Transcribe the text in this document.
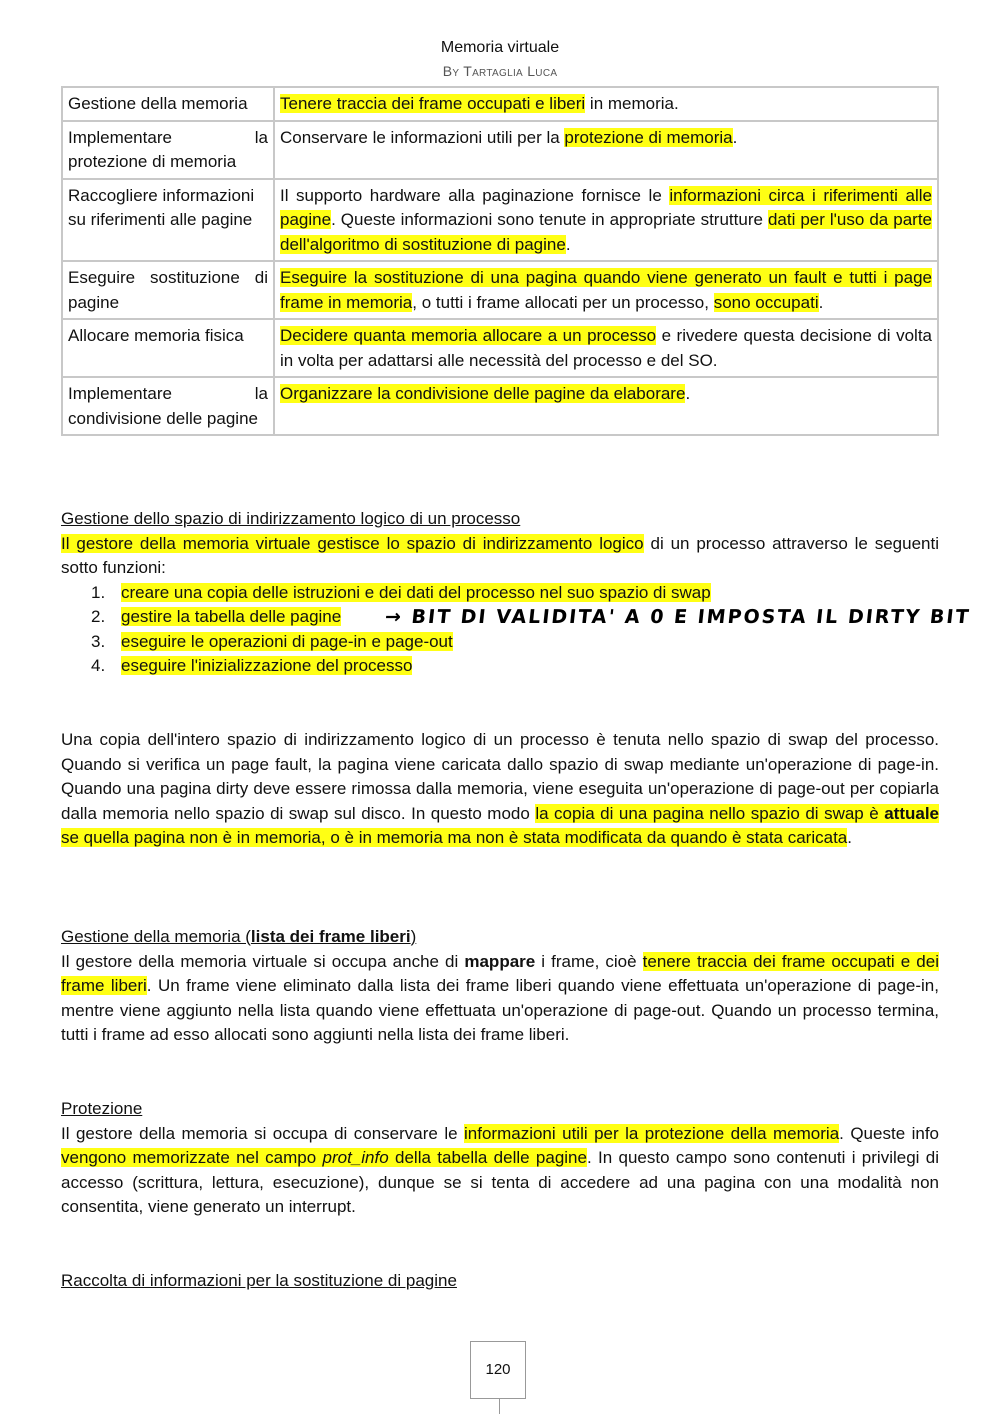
Memoria virtuale
By Tartaglia Luca
Gestione della memoria	Tenere traccia dei frame occupati e liberi in memoria.
Implementare la protezione di memoria	Conservare le informazioni utili per la protezione di memoria.
Raccogliere informazioni su riferimenti alle pagine	Il supporto hardware alla paginazione fornisce le informazioni circa i riferimenti alle pagine. Queste informazioni sono tenute in appropriate strutture dati per l'uso da parte dell'algoritmo di sostituzione di pagine.
Eseguire sostituzione di pagine	Eseguire la sostituzione di una pagina quando viene generato un fault e tutti i page frame in memoria, o tutti i frame allocati per un processo, sono occupati.
Allocare memoria fisica	Decidere quanta memoria allocare a un processo e rivedere questa decisione di volta in volta per adattarsi alle necessità del processo e del SO.
Implementare la condivisione delle pagine	Organizzare la condivisione delle pagine da elaborare.
Gestione dello spazio di indirizzamento logico di un processo
Il gestore della memoria virtuale gestisce lo spazio di indirizzamento logico di un processo attraverso le seguenti sotto funzioni:
1. creare una copia delle istruzioni e dei dati del processo nel suo spazio di swap
2. gestire la tabella delle pagine
3. eseguire le operazioni di page-in e page-out
4. eseguire l'inizializzazione del processo
→ BIT DI VALIDITA' A 0 E IMPOSTA IL DIRTY BIT
Una copia dell'intero spazio di indirizzamento logico di un processo è tenuta nello spazio di swap del processo. Quando si verifica un page fault, la pagina viene caricata dallo spazio di swap mediante un'operazione di page-in. Quando una pagina dirty deve essere rimossa dalla memoria, viene eseguita un'operazione di page-out per copiarla dalla memoria nello spazio di swap sul disco. In questo modo la copia di una pagina nello spazio di swap è attuale se quella pagina non è in memoria, o è in memoria ma non è stata modificata da quando è stata caricata.
Gestione della memoria (lista dei frame liberi)
Il gestore della memoria virtuale si occupa anche di mappare i frame, cioè tenere traccia dei frame occupati e dei frame liberi. Un frame viene eliminato dalla lista dei frame liberi quando viene effettuata un'operazione di page-in, mentre viene aggiunto nella lista quando viene effettuata un'operazione di page-out. Quando un processo termina, tutti i frame ad esso allocati sono aggiunti nella lista dei frame liberi.
Protezione
Il gestore della memoria si occupa di conservare le informazioni utili per la protezione della memoria. Queste info vengono memorizzate nel campo prot_info della tabella delle pagine. In questo campo sono contenuti i privilegi di accesso (scrittura, lettura, esecuzione), dunque se si tenta di accedere ad una pagina con una modalità non consentita, viene generato un interrupt.
Raccolta di informazioni per la sostituzione di pagine
120
